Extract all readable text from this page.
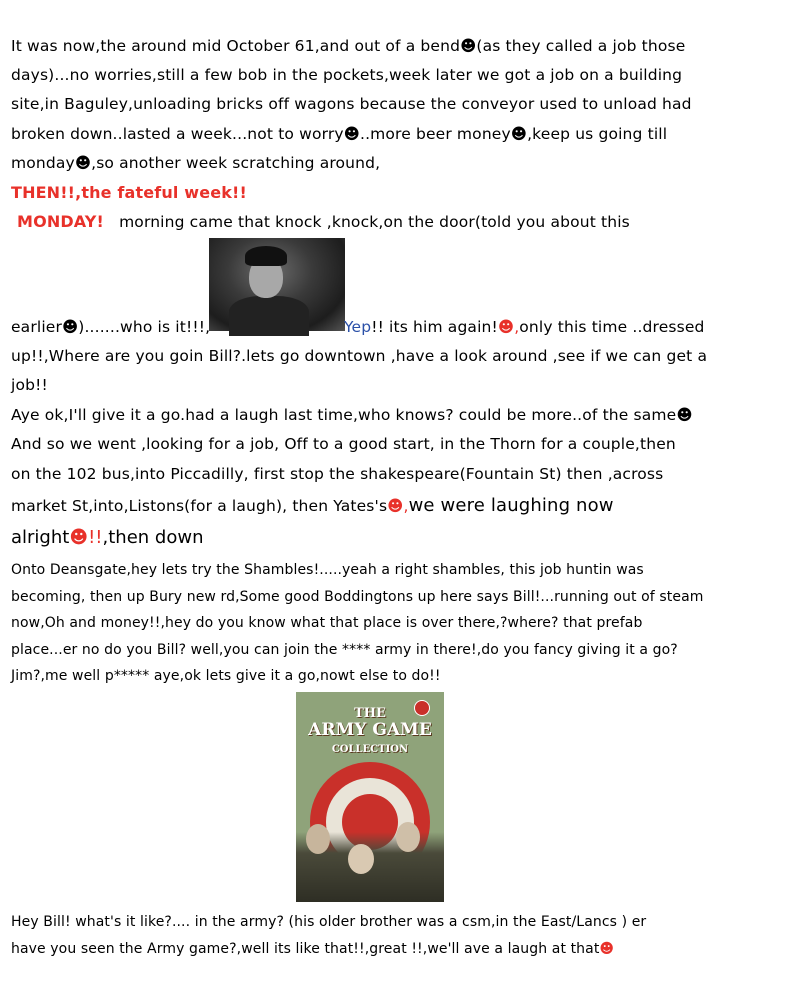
It was now,the around mid October 61,and out of a bend☻(as they called a job those
days)...no worries,still a few bob in the pockets,week later we got a job on a building
site,in Baguley,unloading bricks off wagons because the conveyor used to unload had
broken down..lasted a week...not to worry☻..more beer money☻,keep us going till
monday☻,so another week scratching around,
THEN!!,the fateful week!!
MONDAY! morning came that knock ,knock,on the door(told you about this
earlier☻).......who is it!!!,	Yep!! its him again!☻,only this time ..dressed
up!!,Where are you goin Bill?.lets go downtown ,have a look around ,see if we can get a
job!!
Aye ok,I'll give it a go.had a laugh last time,who knows? could be more..of the same☻
And so we went ,looking for a job, Off to a good start, in the Thorn for a couple,then
on the 102 bus,into Piccadilly, first stop the shakespeare(Fountain St) then ,across
market St,into,Listons(for a laugh), then Yates's☻,we were laughing now
alright☻!!,then down
Onto Deansgate,hey lets try the Shambles!.....yeah a right shambles, this job huntin was
becoming, then up Bury new rd,Some good Boddingtons up here says Bill!...running out of steam
now,Oh and money!!,hey do you know what that place is over there,?where? that prefab
place...er no do you Bill? well,you can join the **** army in there!,do you fancy giving it a go?
Jim?,me well p***** aye,ok lets give it a go,nowt else to do!!
THE
ARMY GAME
COLLECTION
Hey Bill! what's it like?.... in the army? (his older brother was a csm,in the East/Lancs ) er
have you seen the Army game?,well its like that!!,great !!,we'll ave a laugh at that☻
